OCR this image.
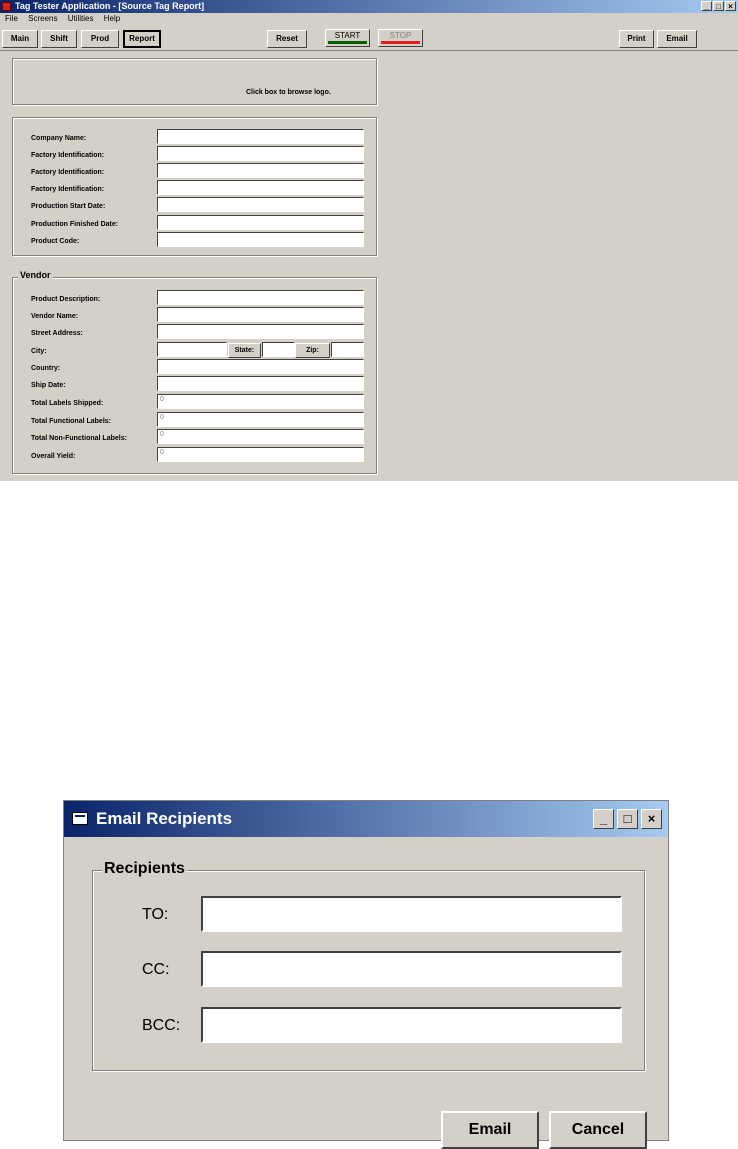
Tag Tester Application - [Source Tag Report]	_ □ ×
File Screens Utilities Help
Main	Shift	Prod	Report	Reset	START	STOP	Print	Email
Click box to browse logo.
Company Name:
Factory Identification:
Factory Identification:
Factory Identification:
Production Start Date:
Production Finished Date:
Product Code:
Vendor
Product Description:
Vendor Name:
Street Address:
City:	State:	Zip:
Country:
Ship Date:
Total Labels Shipped:
0
Total Functional Labels:
0
Total Non-Functional Labels:
0
Overall Yield:
0
Email Recipients	_	□	×
Recipients
TO:
CC:
BCC:
Email	Cancel
